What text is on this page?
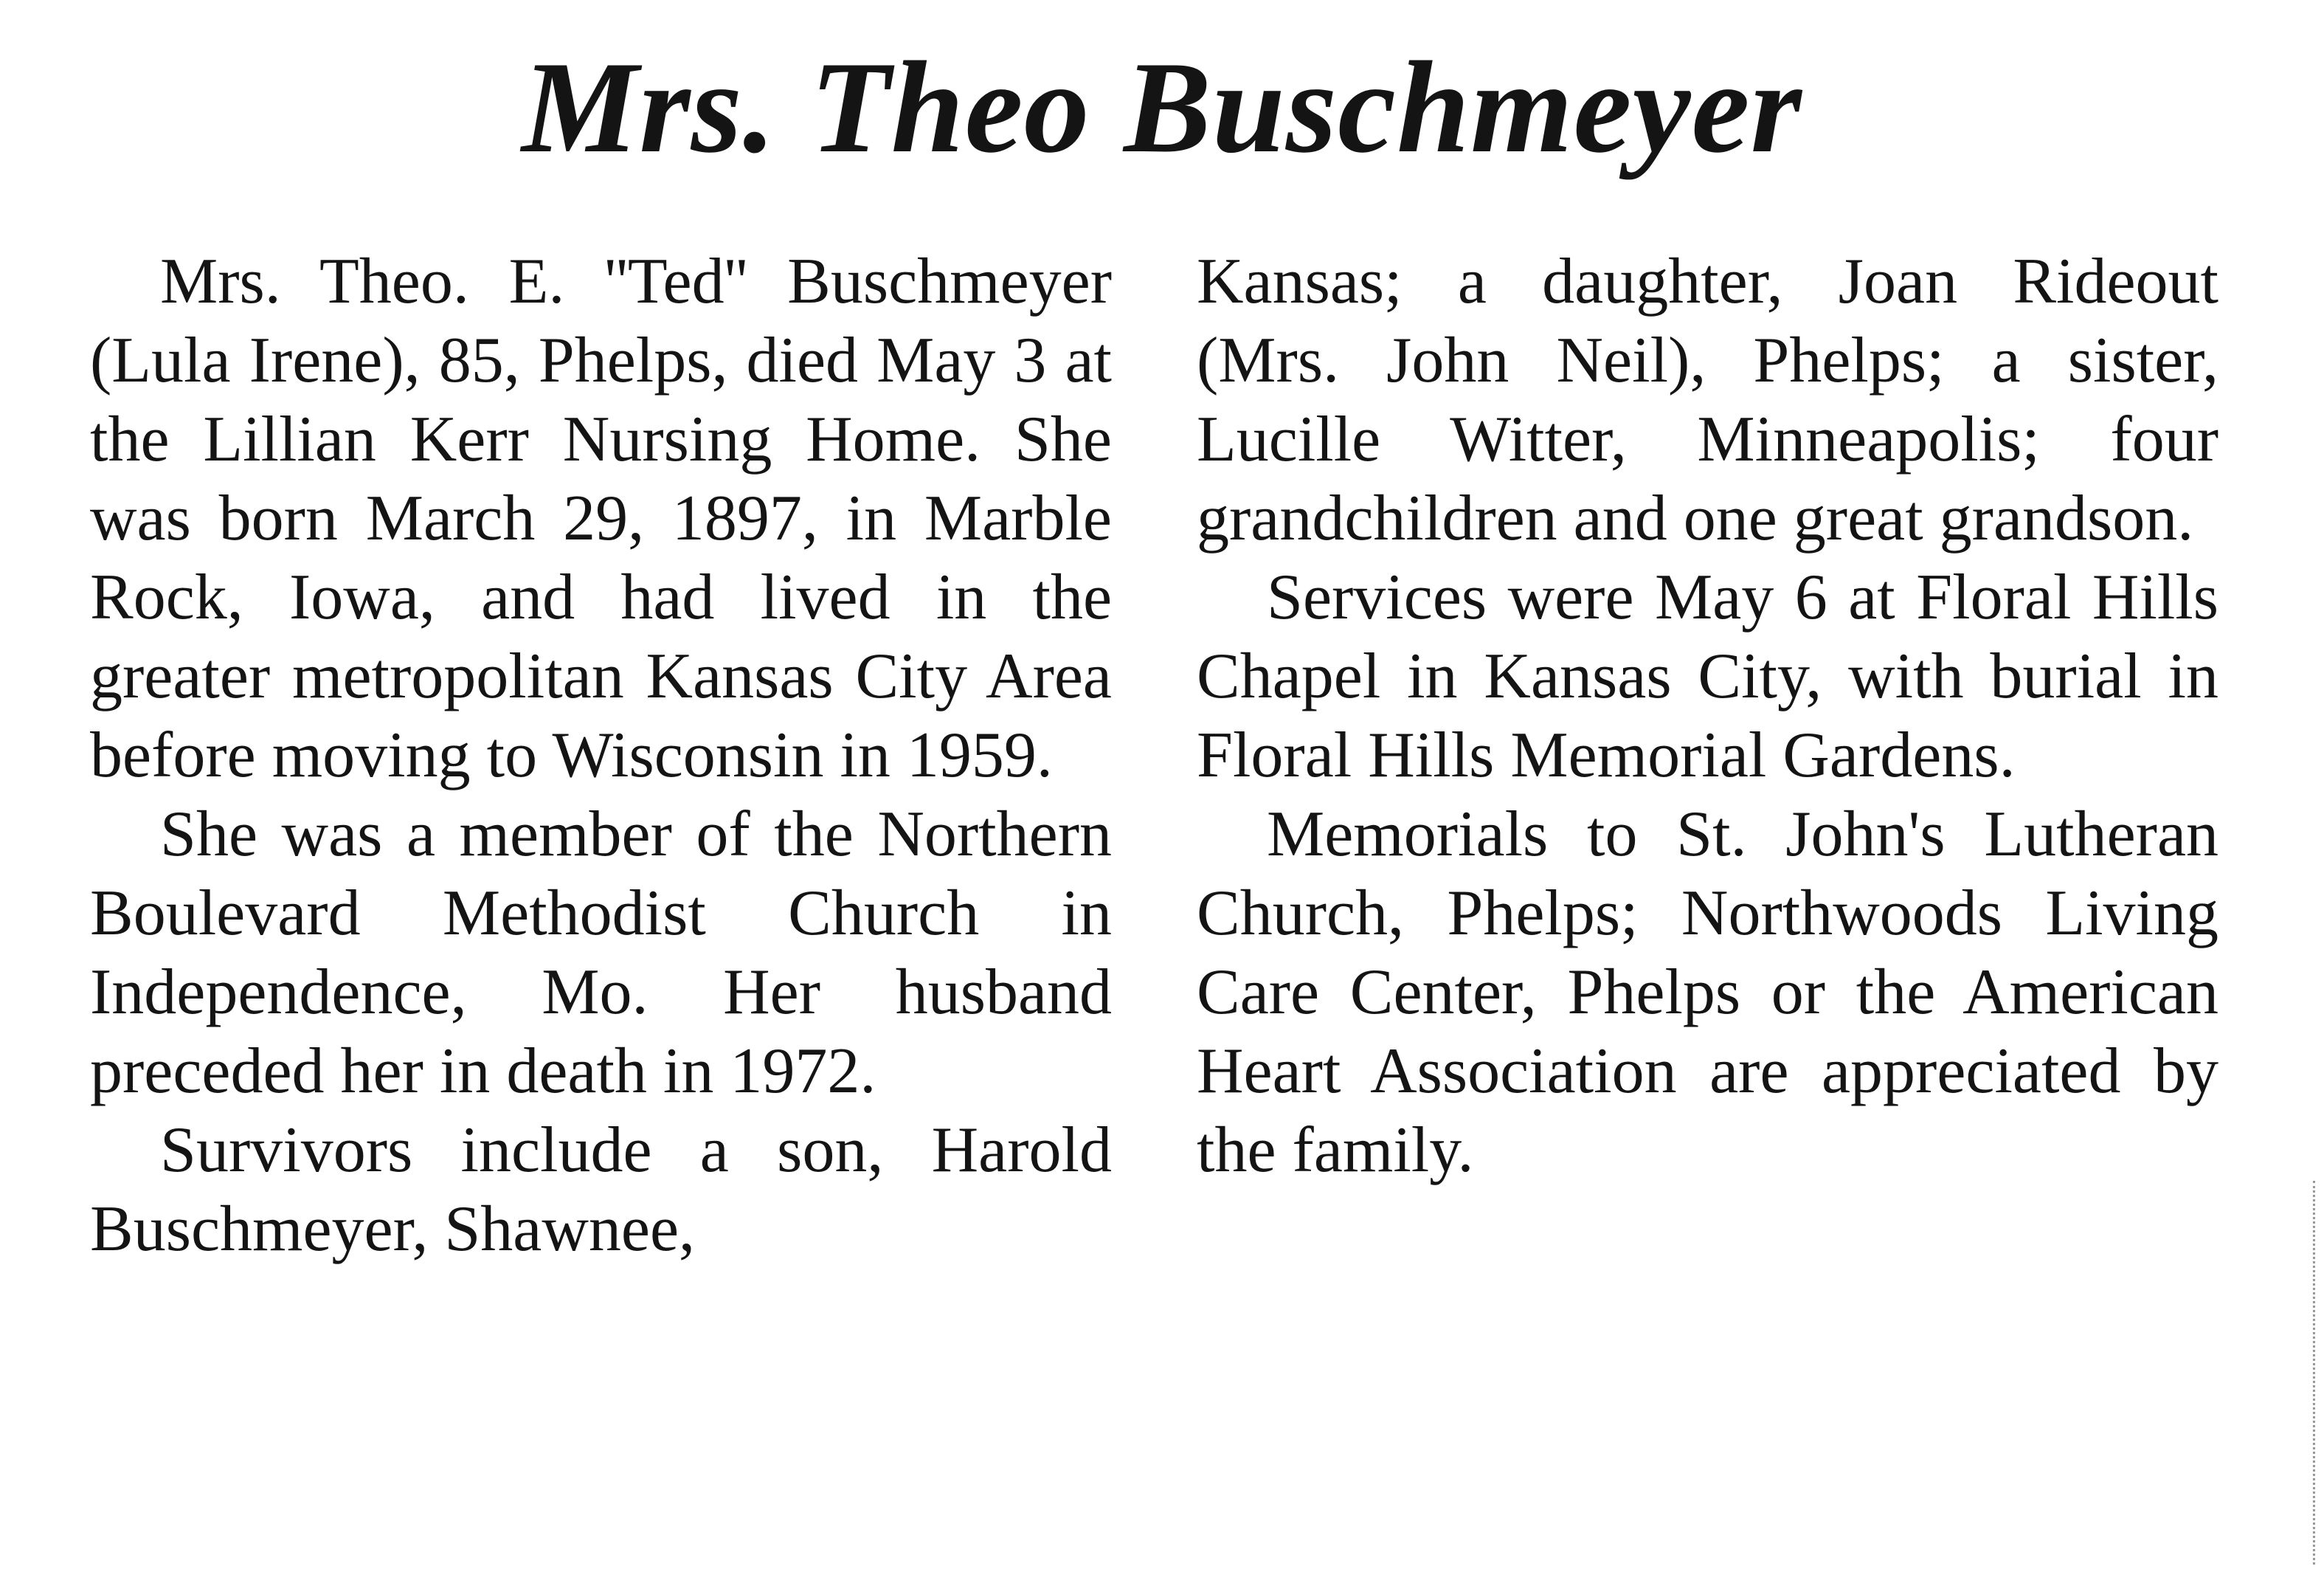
Mrs. Theo Buschmeyer

Mrs. Theo. E. ''Ted'' Buschmeyer (Lula Irene), 85, Phelps, died May 3 at the Lillian Kerr Nursing Home. She was born March 29, 1897, in Marble Rock, Iowa, and had lived in the greater metropolitan Kansas City Area before moving to Wisconsin in 1959.

She was a member of the Northern Boulevard Methodist Church in Independence, Mo. Her husband preceded her in death in 1972.

Survivors include a son, Harold Buschmeyer, Shawnee,

Kansas; a daughter, Joan Rideout (Mrs. John Neil), Phelps; a sister, Lucille Witter, Minneapolis; four grandchildren and one great grandson.

Services were May 6 at Floral Hills Chapel in Kansas City, with burial in Floral Hills Memorial Gardens.

Memorials to St. John's Lutheran Church, Phelps; Northwoods Living Care Center, Phelps or the American Heart Association are appreciated by the family.
